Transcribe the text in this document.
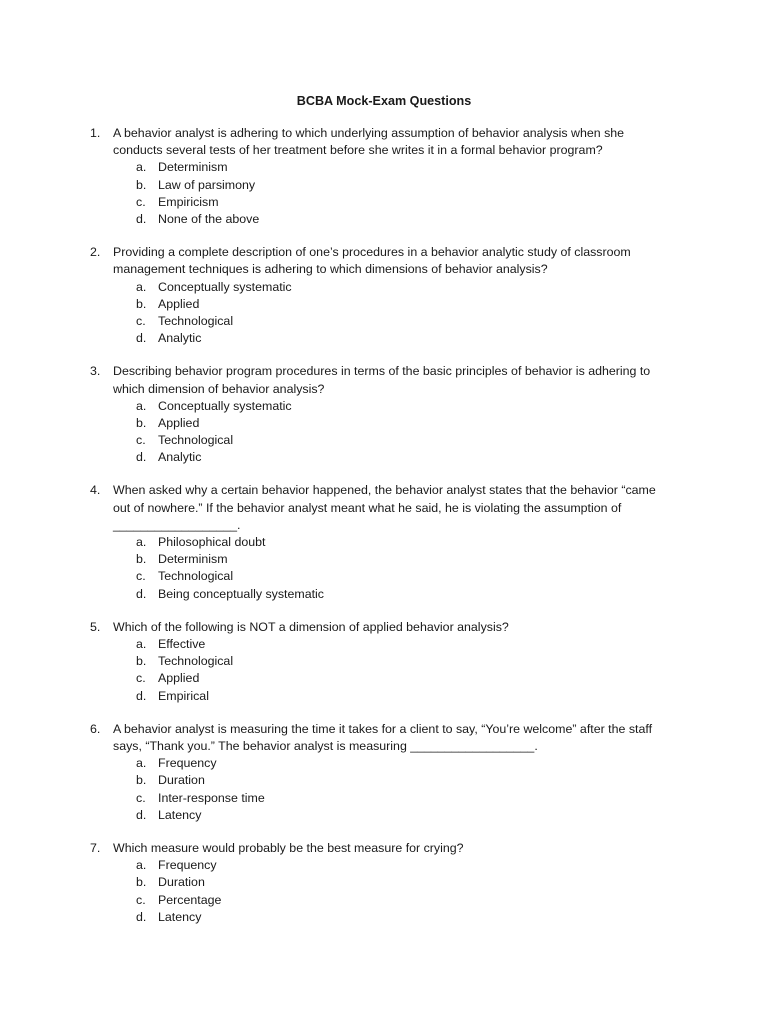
BCBA Mock-Exam Questions
1. A behavior analyst is adhering to which underlying assumption of behavior analysis when she
conducts several tests of her treatment before she writes it in a formal behavior program?
a. Determinism
b. Law of parsimony
c. Empiricism
d. None of the above
2. Providing a complete description of one’s procedures in a behavior analytic study of classroom
management techniques is adhering to which dimensions of behavior analysis?
a. Conceptually systematic
b. Applied
c. Technological
d. Analytic
3. Describing behavior program procedures in terms of the basic principles of behavior is adhering to
which dimension of behavior analysis?
a. Conceptually systematic
b. Applied
c. Technological
d. Analytic
4. When asked why a certain behavior happened, the behavior analyst states that the behavior “came
out of nowhere.” If the behavior analyst meant what he said, he is violating the assumption of
__________________.
a. Philosophical doubt
b. Determinism
c. Technological
d. Being conceptually systematic
5. Which of the following is NOT a dimension of applied behavior analysis?
a. Effective
b. Technological
c. Applied
d. Empirical
6. A behavior analyst is measuring the time it takes for a client to say, “You’re welcome” after the staff
says, “Thank you.” The behavior analyst is measuring __________________.
a. Frequency
b. Duration
c. Inter-response time
d. Latency
7. Which measure would probably be the best measure for crying?
a. Frequency
b. Duration
c. Percentage
d. Latency
